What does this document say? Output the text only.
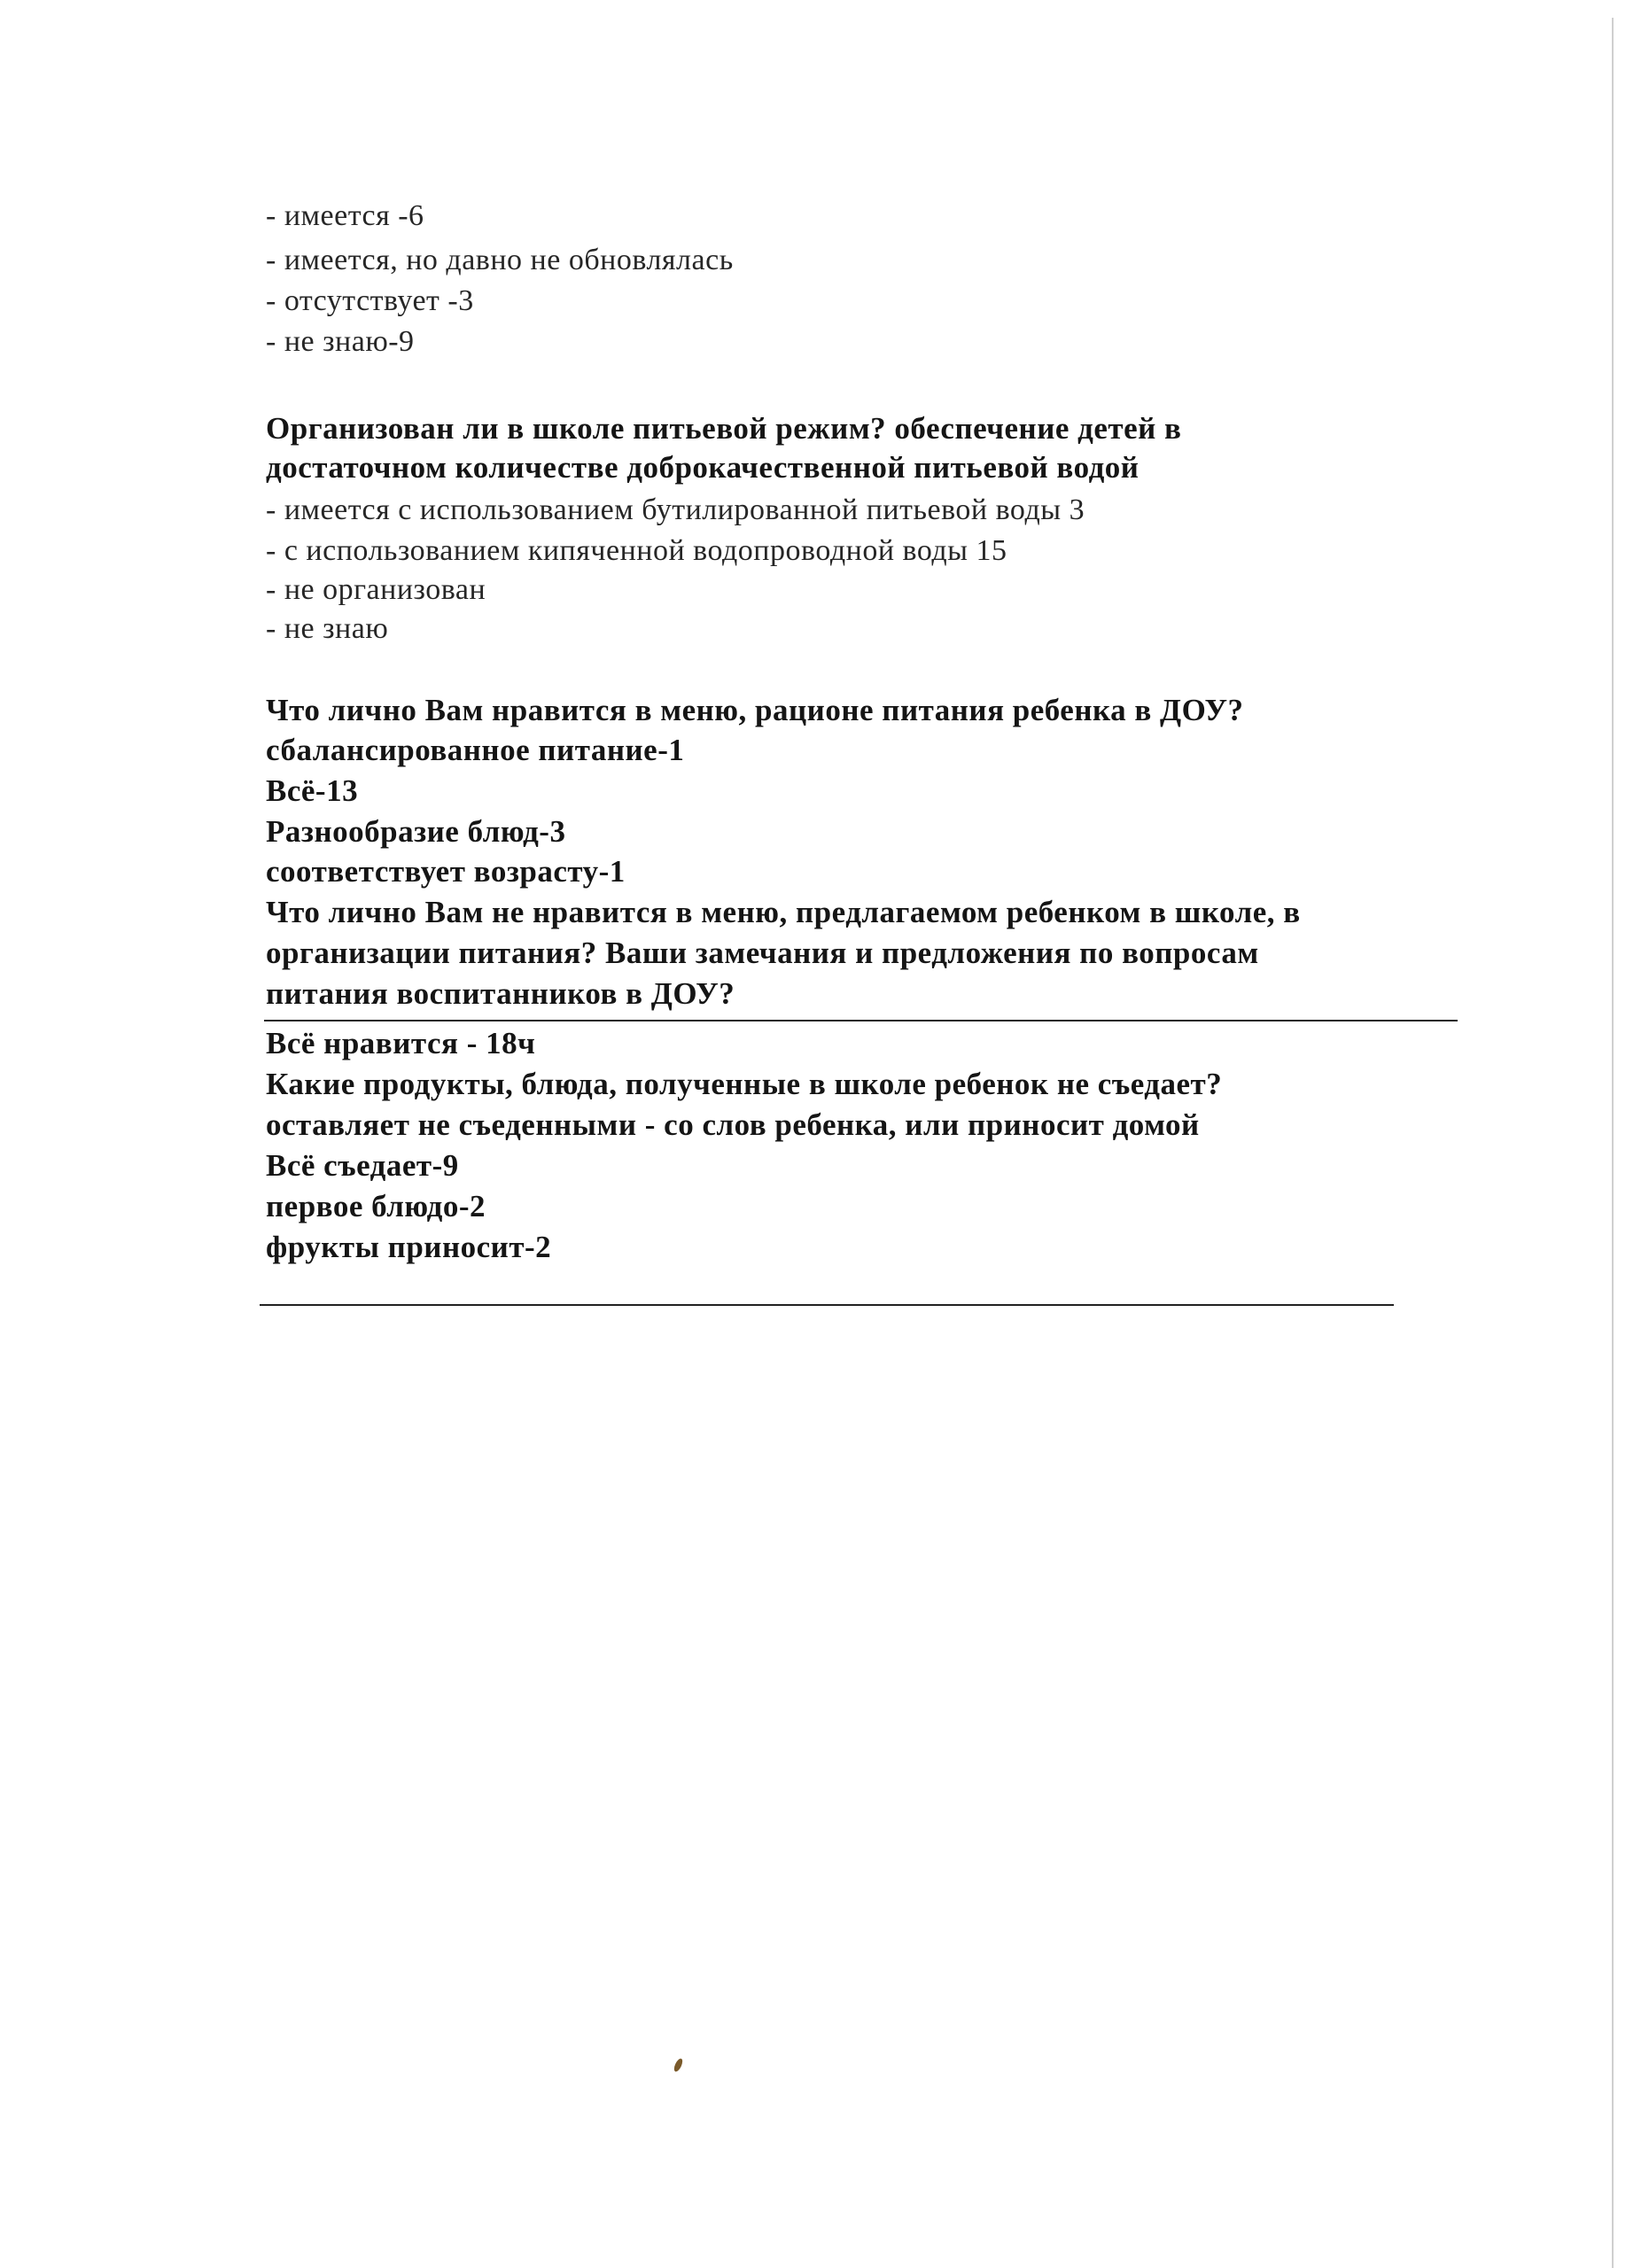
- имеется -6
- имеется, но давно не обновлялась
- отсутствует -3
- не знаю-9
Организован ли в школе питьевой режим? обеспечение детей в
достаточном количестве доброкачественной питьевой водой
- имеется с использованием бутилированной питьевой воды 3
- с использованием кипяченной водопроводной воды 15
- не организован
- не знаю
Что лично Вам нравится в меню, рационе питания ребенка в ДОУ?
сбалансированное питание-1
Всё-13
Разнообразие блюд-3
соответствует возрасту-1
Что лично Вам не нравится в меню, предлагаемом ребенком в школе, в
организации питания? Ваши замечания и предложения по вопросам
питания воспитанников в ДОУ?
Всё нравится - 18ч
Какие продукты, блюда, полученные в школе ребенок не съедает?
оставляет не съеденными - со слов ребенка, или приносит домой
Всё съедает-9
первое блюдо-2
фрукты приносит-2
